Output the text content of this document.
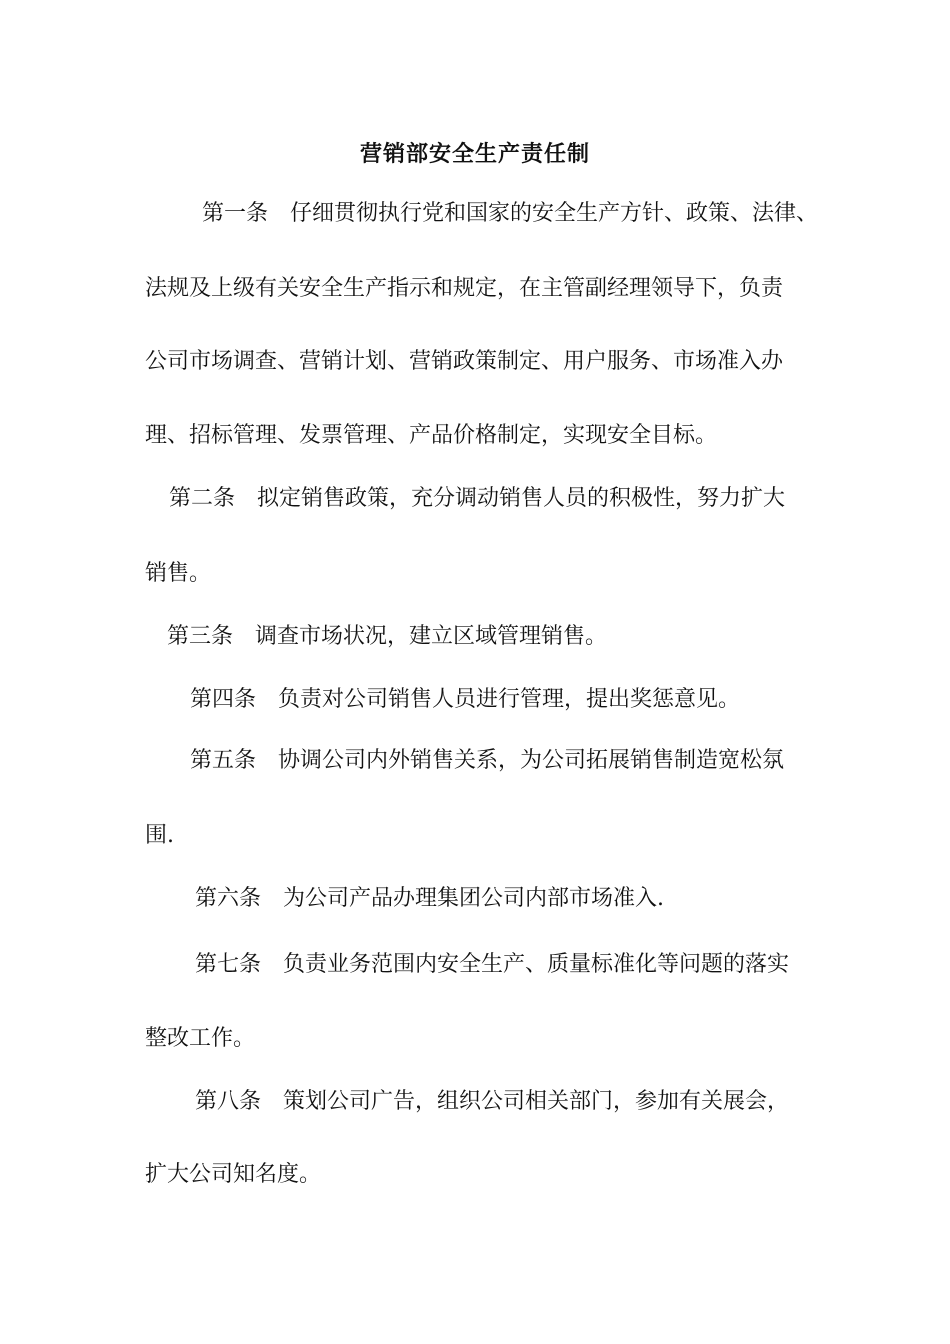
营销部安全生产责任制
第一条　仔细贯彻执行党和国家的安全生产方针、政策、法律、
法规及上级有关安全生产指示和规定，在主管副经理领导下，负责
公司市场调查、营销计划、营销政策制定、用户服务、市场准入办
理、招标管理、发票管理、产品价格制定，实现安全目标。
第二条　拟定销售政策，充分调动销售人员的积极性，努力扩大
销售。
第三条　调查市场状况，建立区域管理销售。
第四条　负责对公司销售人员进行管理，提出奖惩意见。
第五条　协调公司内外销售关系，为公司拓展销售制造宽松氛
围.
第六条　为公司产品办理集团公司内部市场准入.
第七条　负责业务范围内安全生产、质量标准化等问题的落实
整改工作。
第八条　策划公司广告，组织公司相关部门，参加有关展会，
扩大公司知名度。
